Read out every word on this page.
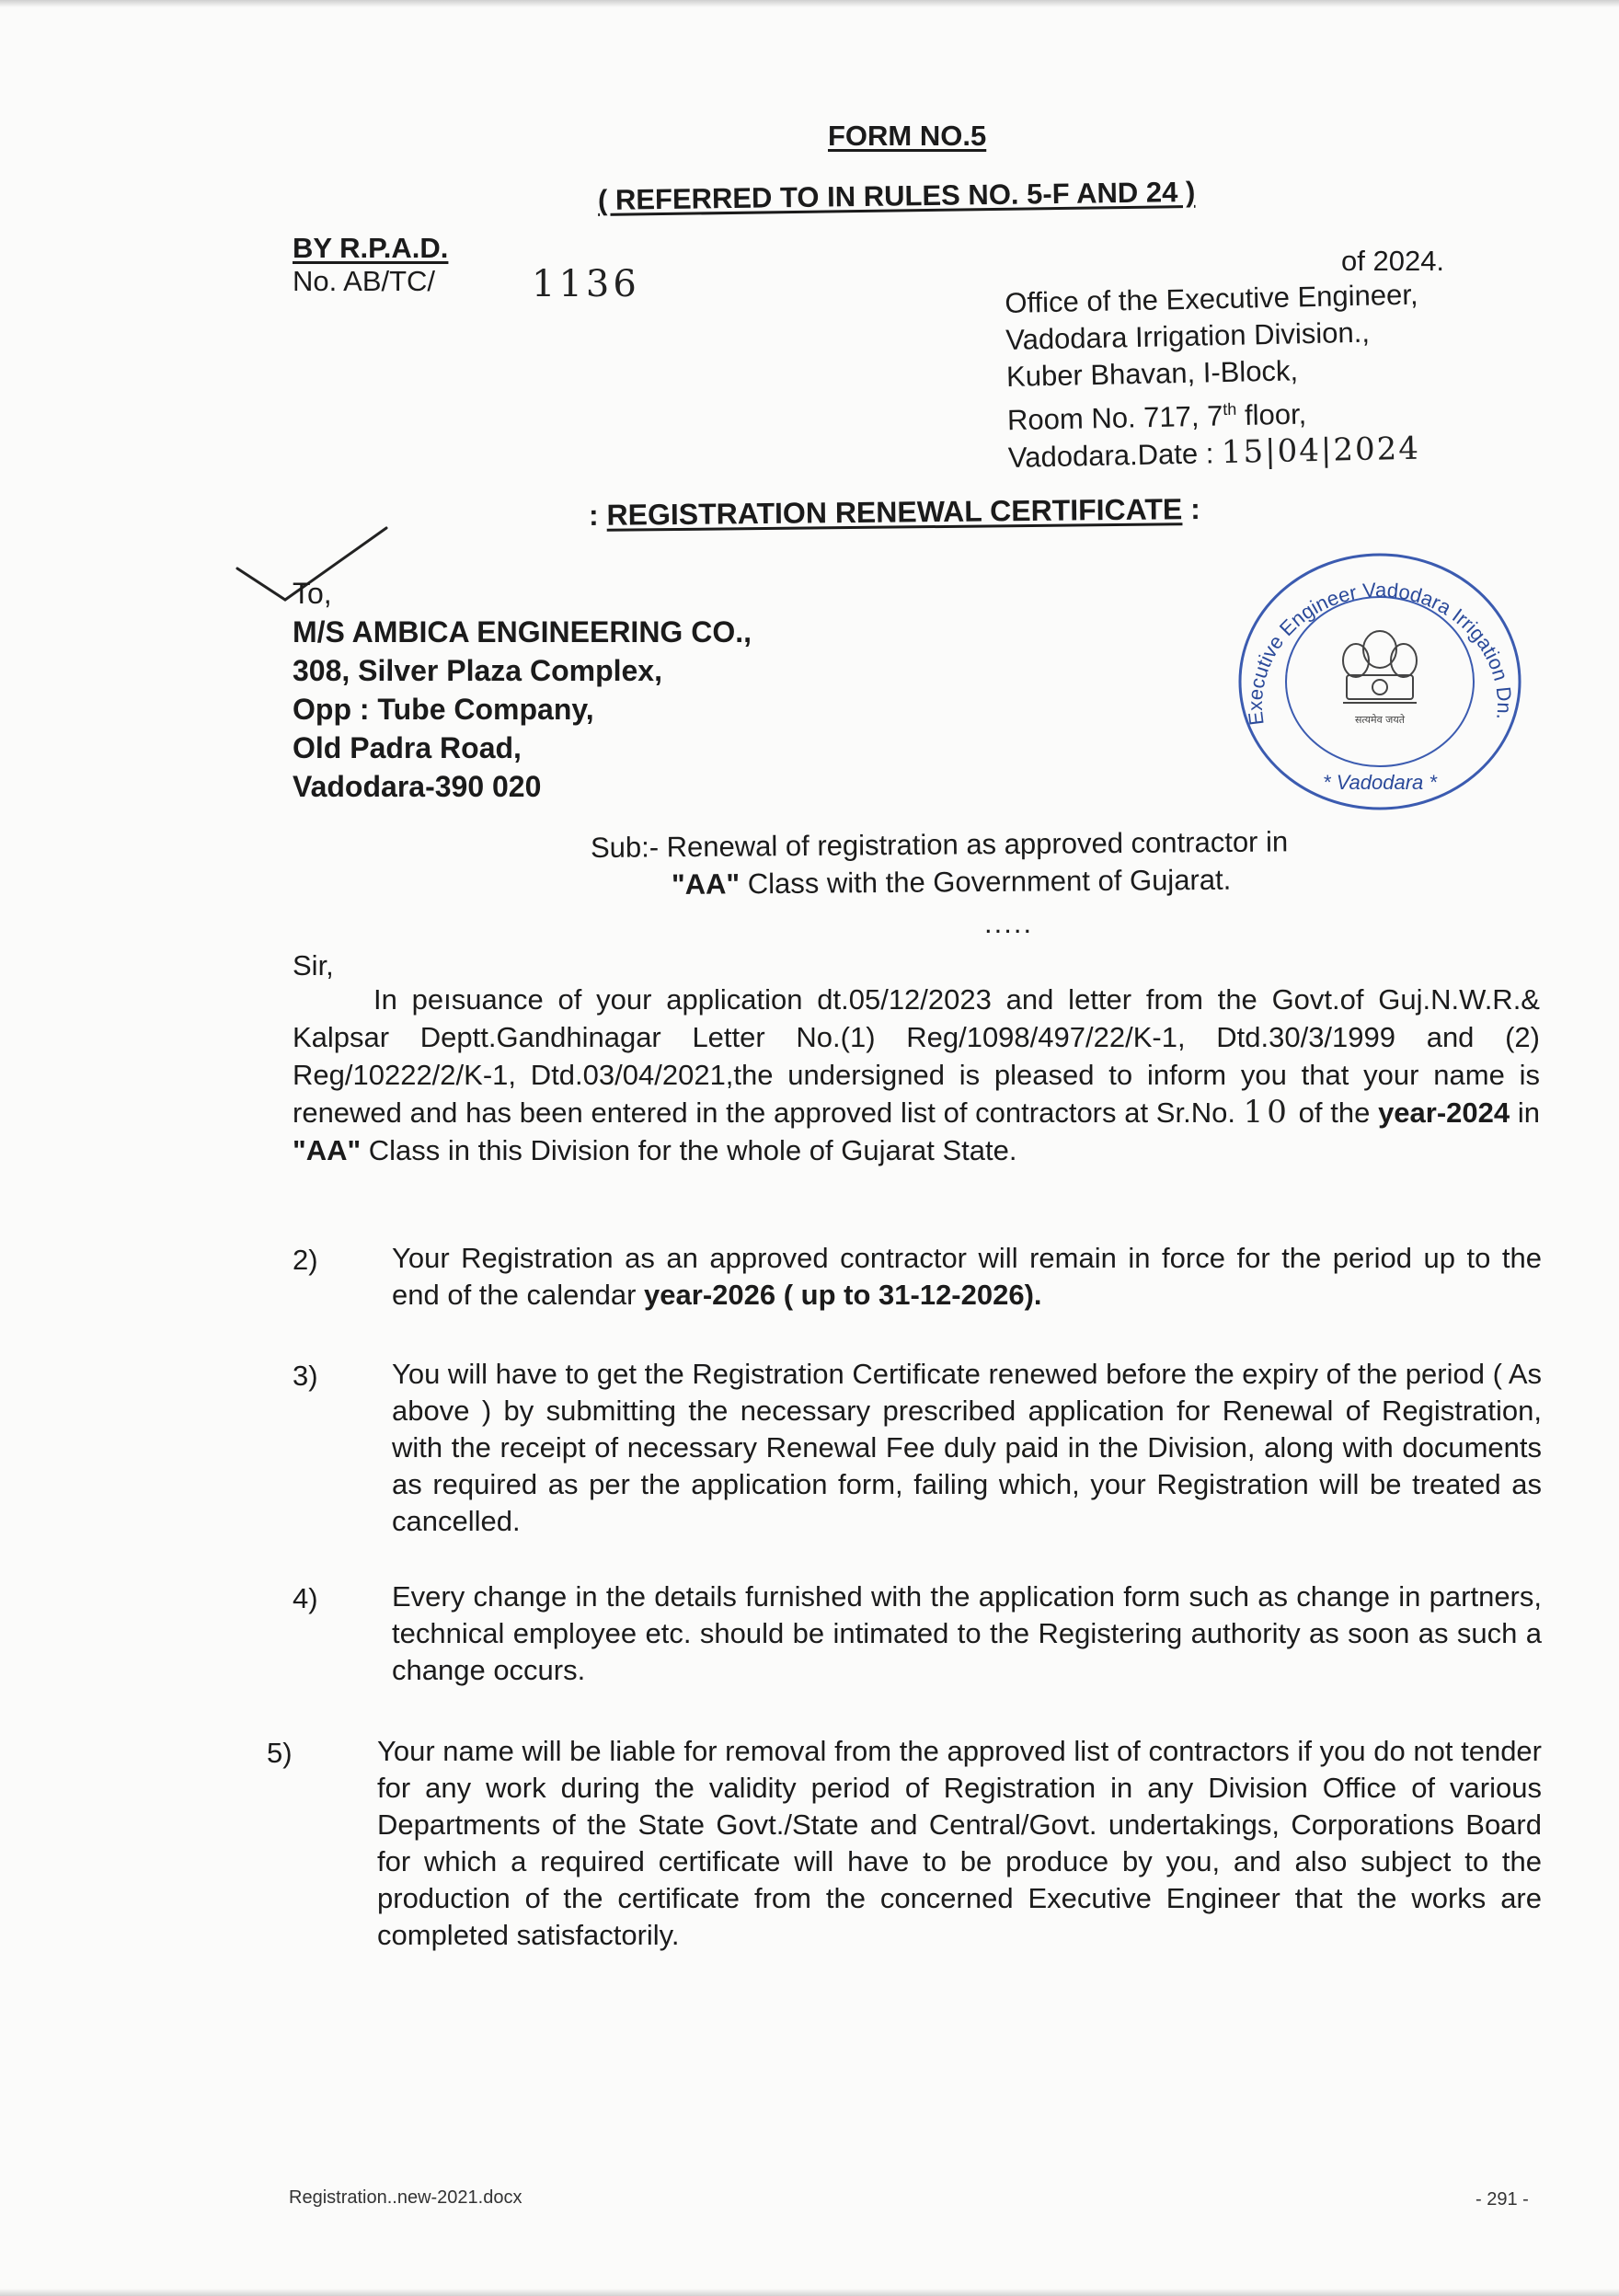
FORM NO.5
( REFERRED TO IN RULES NO. 5-F AND 24 )
BY R.P.A.D.
No. AB/TC/	1136
of 2024.
Office of the Executive Engineer,
Vadodara Irrigation Division.,
Kuber Bhavan, I-Block,
Room No. 717, 7th floor,
Vadodara.Date : 15|04|2024
: REGISTRATION RENEWAL CERTIFICATE :
To,
M/S AMBICA ENGINEERING CO.,
308, Silver Plaza Complex,
Opp : Tube Company,
Old Padra Road,
Vadodara-390 020
Executive Engineer Vadodara Irrigation Dn.
* Vadodara *
सत्यमेव जयते
Sub:- Renewal of registration as approved contractor in
"AA" Class with the Government of Gujarat.
.....
Sir,
In peısuance of your application dt.05/12/2023 and letter from the Govt.of Guj.N.W.R.& Kalpsar Deptt.Gandhinagar Letter No.(1) Reg/1098/497/22/K-1, Dtd.30/3/1999 and (2) Reg/10222/2/K-1, Dtd.03/04/2021,the undersigned is pleased to inform you that your name is renewed and has been entered in the approved list of contractors at Sr.No. 10 of the year-2024 in "AA" Class in this Division for the whole of Gujarat State.
2)	Your Registration as an approved contractor will remain in force for the period up to the end of the calendar year-2026 ( up to 31-12-2026).
3)	You will have to get the Registration Certificate renewed before the expiry of the period ( As above ) by submitting the necessary prescribed application for Renewal of Registration, with the receipt of necessary Renewal Fee duly paid in the Division, along with documents as required as per the application form, failing which, your Registration will be treated as cancelled.
4)	Every change in the details furnished with the application form such as change in partners, technical employee etc. should be intimated to the Registering authority as soon as such a change occurs.
5)	Your name will be liable for removal from the approved list of contractors if you do not tender for any work during the validity period of Registration in any Division Office of various Departments of the State Govt./State and Central/Govt. undertakings, Corporations Board for which a required certificate will have to be produce by you, and also subject to the production of the certificate from the concerned Executive Engineer that the works are completed satisfactorily.
Registration..new-2021.docx	- 291 -
